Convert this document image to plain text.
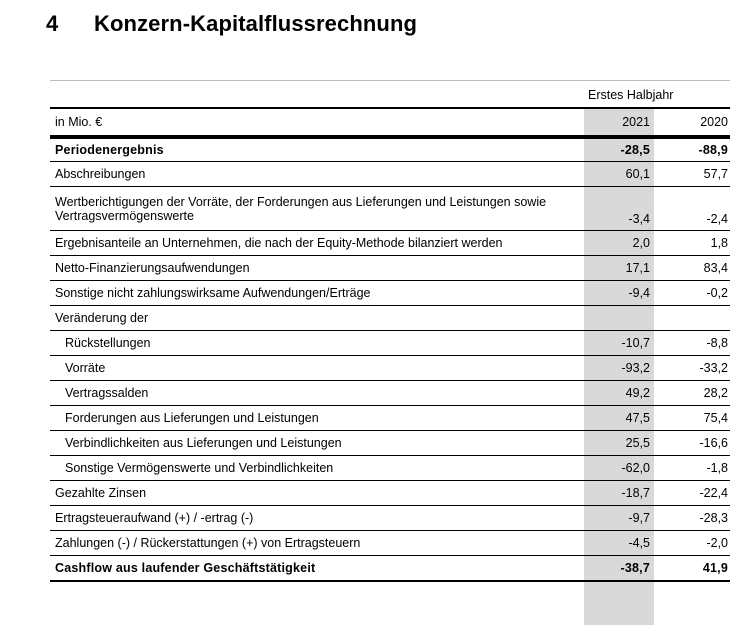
4 Konzern-Kapitalflussrechnung
	Erstes Halbjahr	
in Mio. €	2021	2020
Periodenergebnis	-28,5	-88,9
Abschreibungen	60,1	57,7
Wertberichtigungen der Vorräte, der Forderungen aus Lieferungen und Leistungen sowie Vertragsvermögenswerte	-3,4	-2,4
Ergebnisanteile an Unternehmen, die nach der Equity-Methode bilanziert werden	2,0	1,8
Netto-Finanzierungsaufwendungen	17,1	83,4
Sonstige nicht zahlungswirksame Aufwendungen/Erträge	-9,4	-0,2
Veränderung der		
Rückstellungen	-10,7	-8,8
Vorräte	-93,2	-33,2
Vertragssalden	49,2	28,2
Forderungen aus Lieferungen und Leistungen	47,5	75,4
Verbindlichkeiten aus Lieferungen und Leistungen	25,5	-16,6
Sonstige Vermögenswerte und Verbindlichkeiten	-62,0	-1,8
Gezahlte Zinsen	-18,7	-22,4
Ertragsteueraufwand (+) / -ertrag (-)	-9,7	-28,3
Zahlungen (-) / Rückerstattungen (+) von Ertragsteuern	-4,5	-2,0
Cashflow aus laufender Geschäftstätigkeit	-38,7	41,9
